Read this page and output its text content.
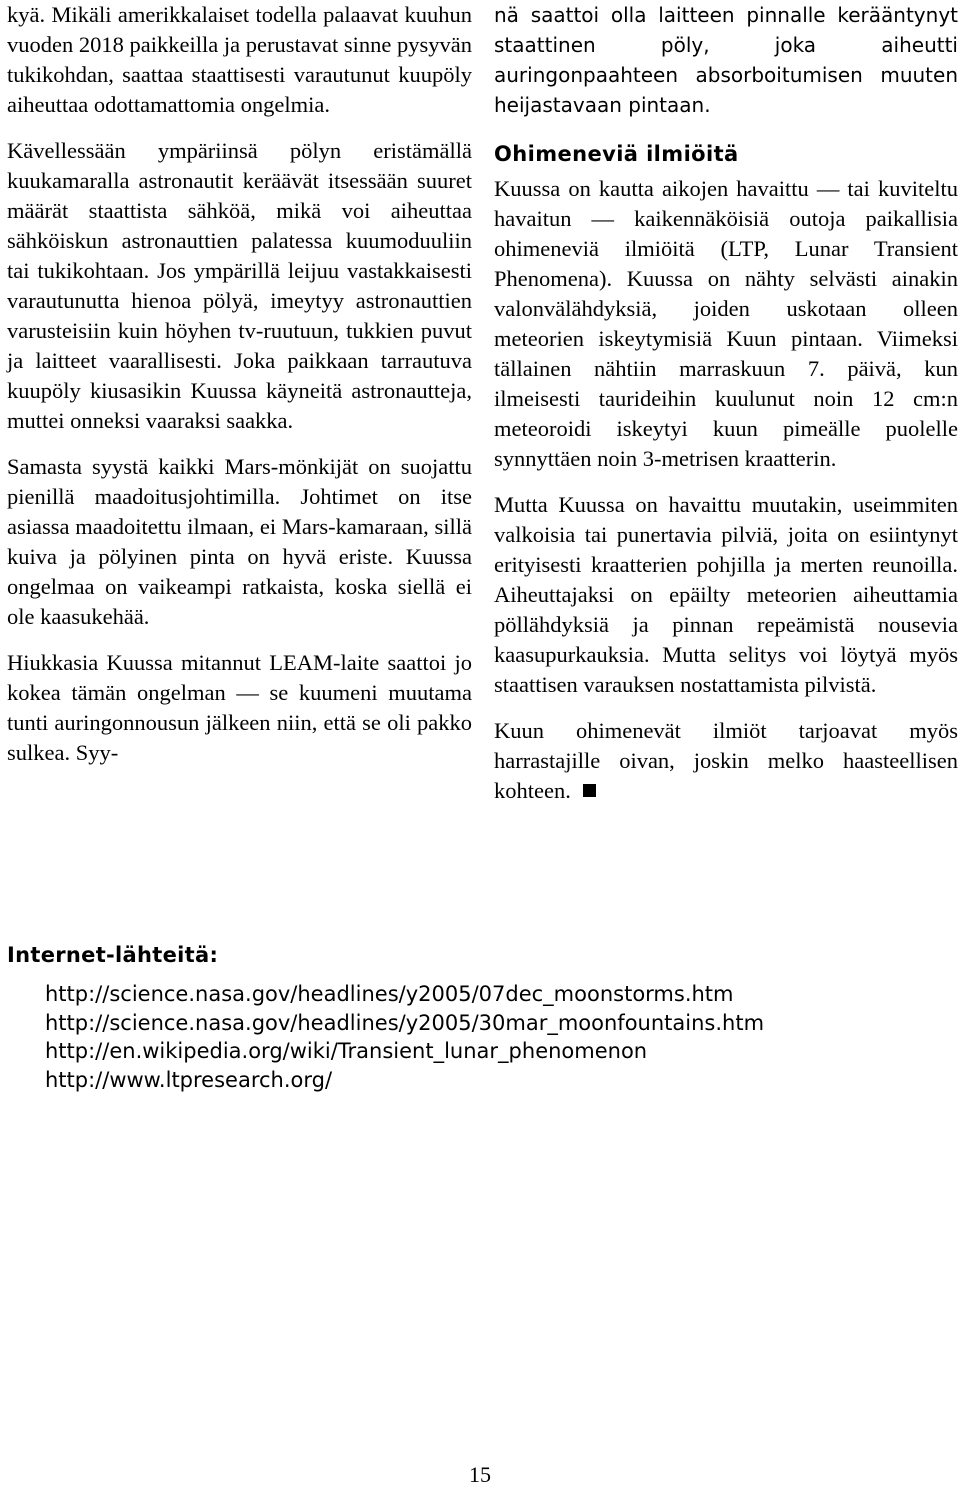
kyä. Mikäli amerikkalaiset todella palaavat kuuhun vuoden 2018 paikkeilla ja perustavat sinne pysyvän tukikohdan, saattaa staattisesti varautunut kuupöly aiheuttaa odottamattomia ongelmia.

Kävellessään ympäriinsä pölyn eristämällä kuukamaralla astronautit keräävät itsessään suuret määrät staattista sähköä, mikä voi aiheuttaa sähköiskun astronauttien palatessa kuumoduuliin tai tukikohtaan. Jos ympärillä leijuu vastakkaisesti varautunutta hienoa pölyä, imeytyy astronauttien varusteisiin kuin höyhen tv-ruutuun, tukkien puvut ja laitteet vaarallisesti. Joka paikkaan tarrautuva kuupöly kiusasikin Kuussa käyneitä astronautteja, muttei onneksi vaaraksi saakka.

Samasta syystä kaikki Mars-mönkijät on suojattu pienillä maadoitusjohtimilla. Johtimet on itse asiassa maadoitettu ilmaan, ei Mars-kamaraan, sillä kuiva ja pölyinen pinta on hyvä eriste. Kuussa ongelmaa on vaikeampi ratkaista, koska siellä ei ole kaasukehää.

Hiukkasia Kuussa mitannut LEAM-laite saattoi jo kokea tämän ongelman — se kuumeni muutama tunti auringonnousun jälkeen niin, että se oli pakko sulkea. Syy-

nä saattoi olla laitteen pinnalle kerääntynyt staattinen pöly, joka aiheutti auringonpaahteen absorboitumisen muuten heijastavaan pintaan.

Ohimeneviä ilmiöitä

Kuussa on kautta aikojen havaittu — tai kuviteltu havaitun — kaikennäköisiä outoja paikallisia ohimeneviä ilmiöitä (LTP, Lunar Transient Phenomena). Kuussa on nähty selvästi ainakin valonvälähdyksiä, joiden uskotaan olleen meteorien iskeytymisiä Kuun pintaan. Viimeksi tällainen nähtiin marraskuun 7. päivä, kun ilmeisesti taurideihin kuulunut noin 12 cm:n meteoroidi iskeytyi kuun pimeälle puolelle synnyttäen noin 3-metrisen kraatterin.

Mutta Kuussa on havaittu muutakin, useimmiten valkoisia tai punertavia pilviä, joita on esiintynyt erityisesti kraatterien pohjilla ja merten reunoilla. Aiheuttajaksi on epäilty meteorien aiheuttamia pöllähdyksiä ja pinnan repeämistä nousevia kaasupurkauksia. Mutta selitys voi löytyä myös staattisen varauksen nostattamista pilvistä.

Kuun ohimenevät ilmiöt tarjoavat myös harrastajille oivan, joskin melko haasteellisen kohteen.

Internet-lähteitä:
http://science.nasa.gov/headlines/y2005/07dec_moonstorms.htm
http://science.nasa.gov/headlines/y2005/30mar_moonfountains.htm
http://en.wikipedia.org/wiki/Transient_lunar_phenomenon
http://www.ltpresearch.org/
15
